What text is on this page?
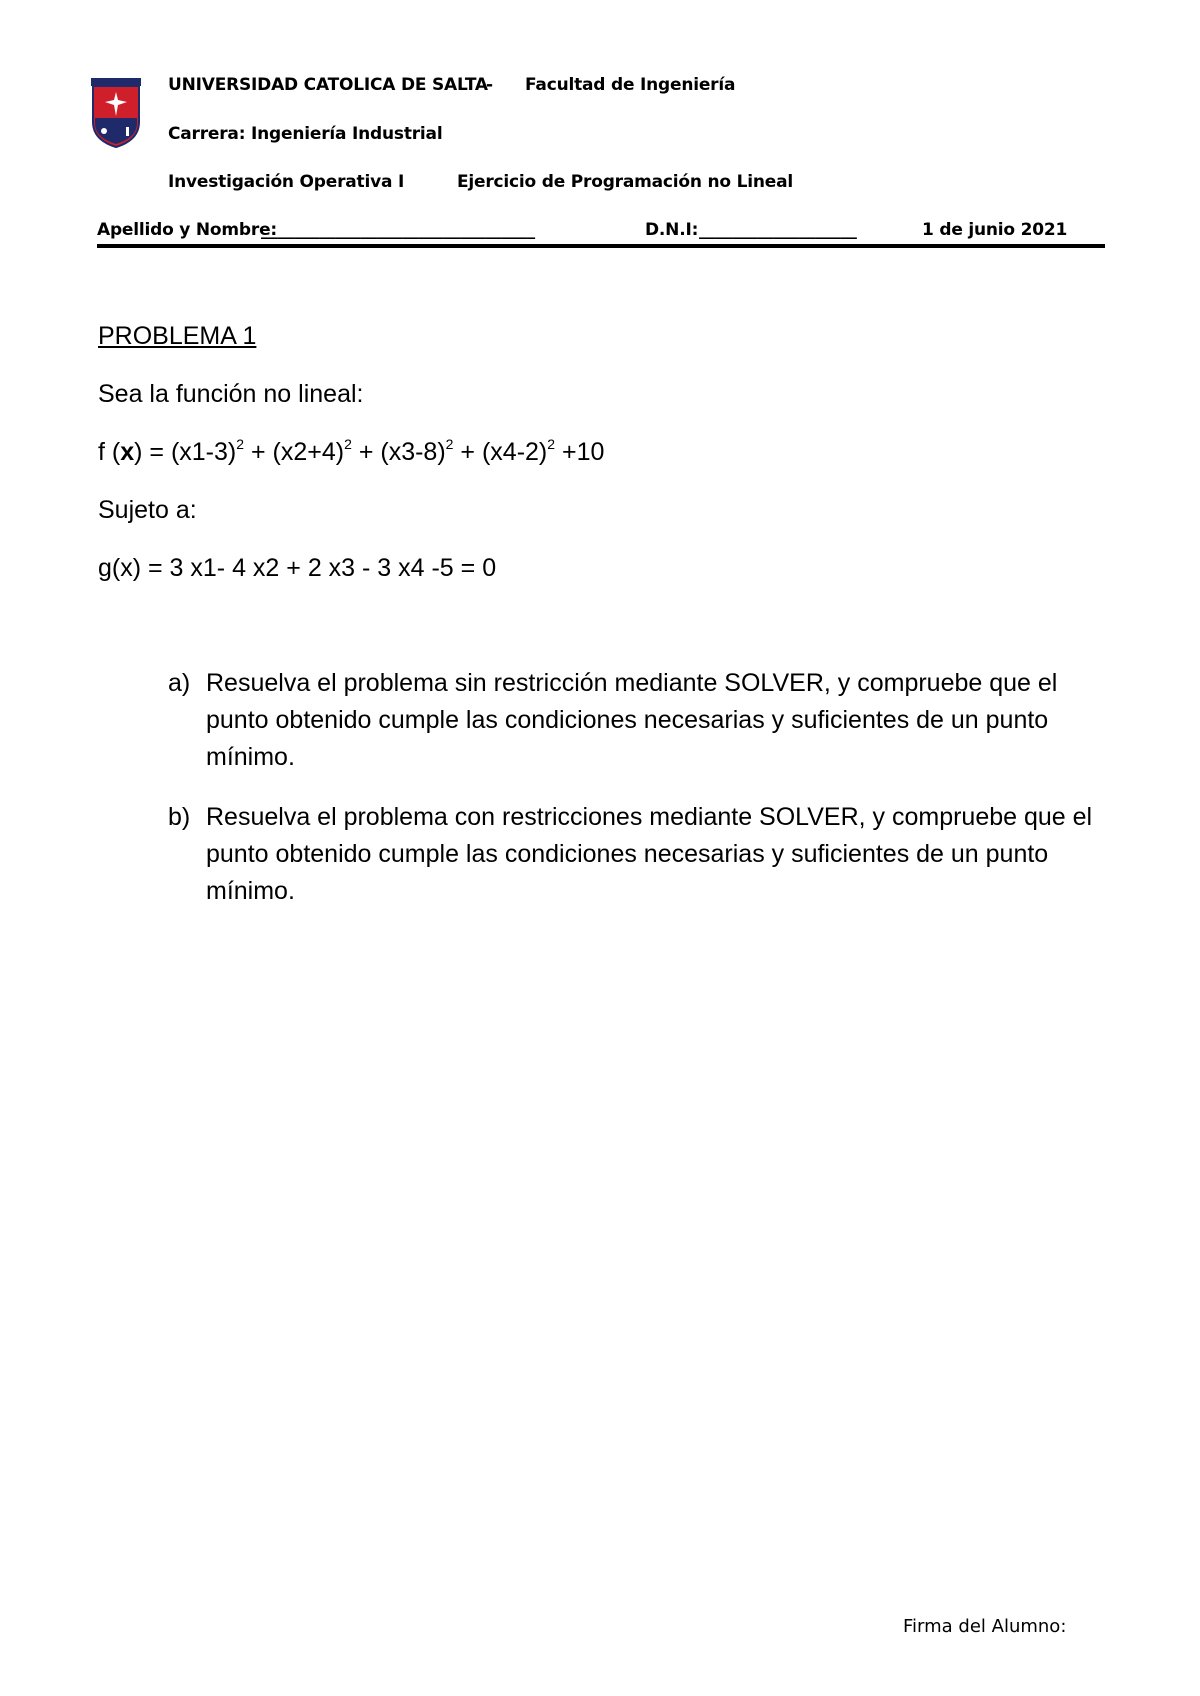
UNIVERSIDAD CATOLICA DE SALTA
- Facultad de Ingeniería
Carrera: Ingeniería Industrial
Investigación Operativa I	Ejercicio de Programación no Lineal
Apellido y Nombre:
_________________________________	D.N.I: ___________________	1 de junio 2021
PROBLEMA 1
Sea la función no lineal:
f $(x) = (x1-3)^2 + (x2+4)^2 + (x3-8)^2 + (x4-2)^2 +10$
Sujeto a:
g(x) = 3 x1- 4 x2 + 2 x3 - 3 x4 -5 = 0
a) Resuelva el problema sin restricción mediante SOLVER, y compruebe que el punto obtenido cumple las condiciones necesarias y suficientes de un punto mínimo.
b) Resuelva el problema con restricciones mediante SOLVER, y compruebe que el punto obtenido cumple las condiciones necesarias y suficientes de un punto mínimo.
Firma del Alumno:
